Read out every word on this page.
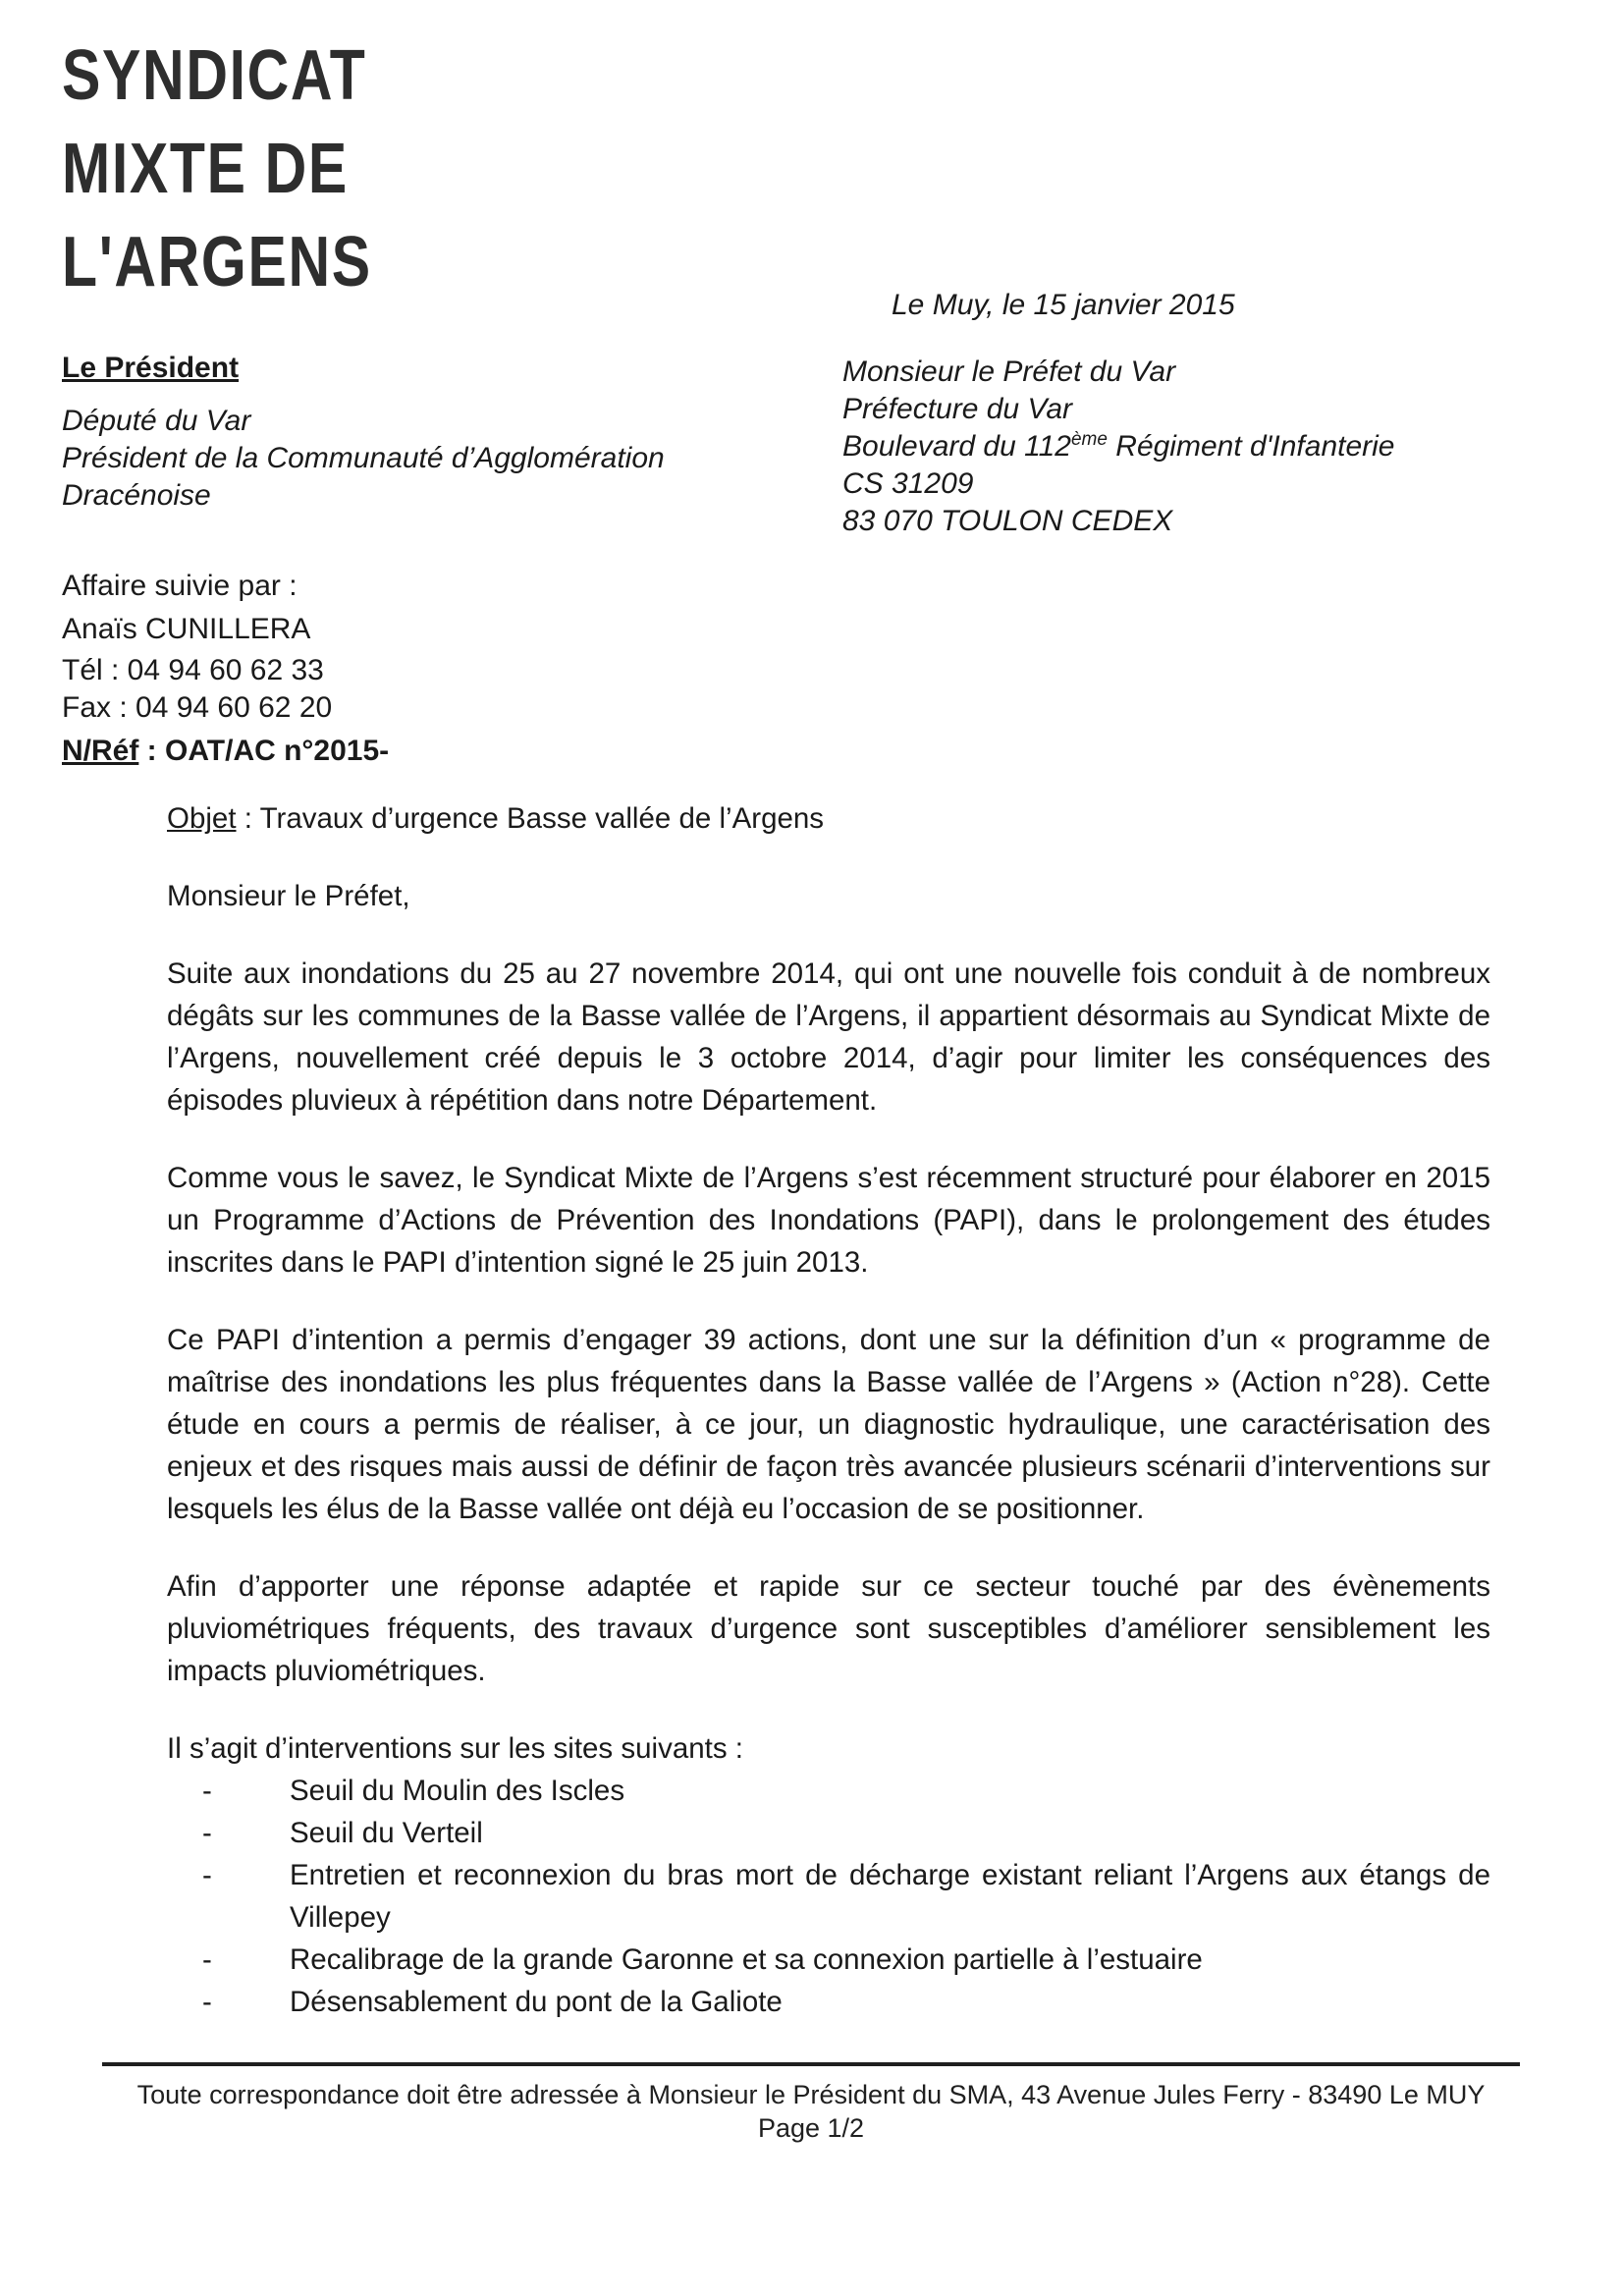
SYNDICAT
MIXTE DE
L'ARGENS
Le Muy, le 15 janvier 2015
Le Président
Député du Var
Président de la Communauté d’Agglomération Dracénoise
Affaire suivie par :
Anaïs CUNILLERA
Tél : 04 94 60 62 33
Fax : 04 94 60 62 20
N/Réf : OAT/AC n°2015-
Monsieur le Préfet du Var
Préfecture du Var
Boulevard du 112ème Régiment d'Infanterie
CS 31209
83 070 TOULON CEDEX

Objet : Travaux d’urgence Basse vallée de l’Argens

Monsieur le Préfet,

Suite aux inondations du 25 au 27 novembre 2014, qui ont une nouvelle fois conduit à de nombreux dégâts sur les communes de la Basse vallée de l’Argens, il appartient désormais au Syndicat Mixte de l’Argens, nouvellement créé depuis le 3 octobre 2014, d’agir pour limiter les conséquences des épisodes pluvieux à répétition dans notre Département.

Comme vous le savez, le Syndicat Mixte de l’Argens s’est récemment structuré pour élaborer en 2015 un Programme d’Actions de Prévention des Inondations (PAPI), dans le prolongement des études inscrites dans le PAPI d’intention signé le 25 juin 2013.

Ce PAPI d’intention a permis d’engager 39 actions, dont une sur la définition d’un « programme de maîtrise des inondations les plus fréquentes dans la Basse vallée de l’Argens » (Action n°28). Cette étude en cours a permis de réaliser, à ce jour, un diagnostic hydraulique, une caractérisation des enjeux et des risques mais aussi de définir de façon très avancée plusieurs scénarii d’interventions sur lesquels les élus de la Basse vallée ont déjà eu l’occasion de se positionner.

Afin d’apporter une réponse adaptée et rapide sur ce secteur touché par des évènements pluviométriques fréquents, des travaux d’urgence sont susceptibles d’améliorer sensiblement les impacts pluviométriques.

Il s’agit d’interventions sur les sites suivants :

-	Seuil du Moulin des Iscles
-	Seuil du Verteil
-	Entretien et reconnexion du bras mort de décharge existant reliant l’Argens aux étangs de Villepey
-	Recalibrage de la grande Garonne et sa connexion partielle à l’estuaire
-	Désensablement du pont de la Galiote
Toute correspondance doit être adressée à Monsieur le Président du SMA, 43 Avenue Jules Ferry - 83490 Le MUY
Page 1/2
